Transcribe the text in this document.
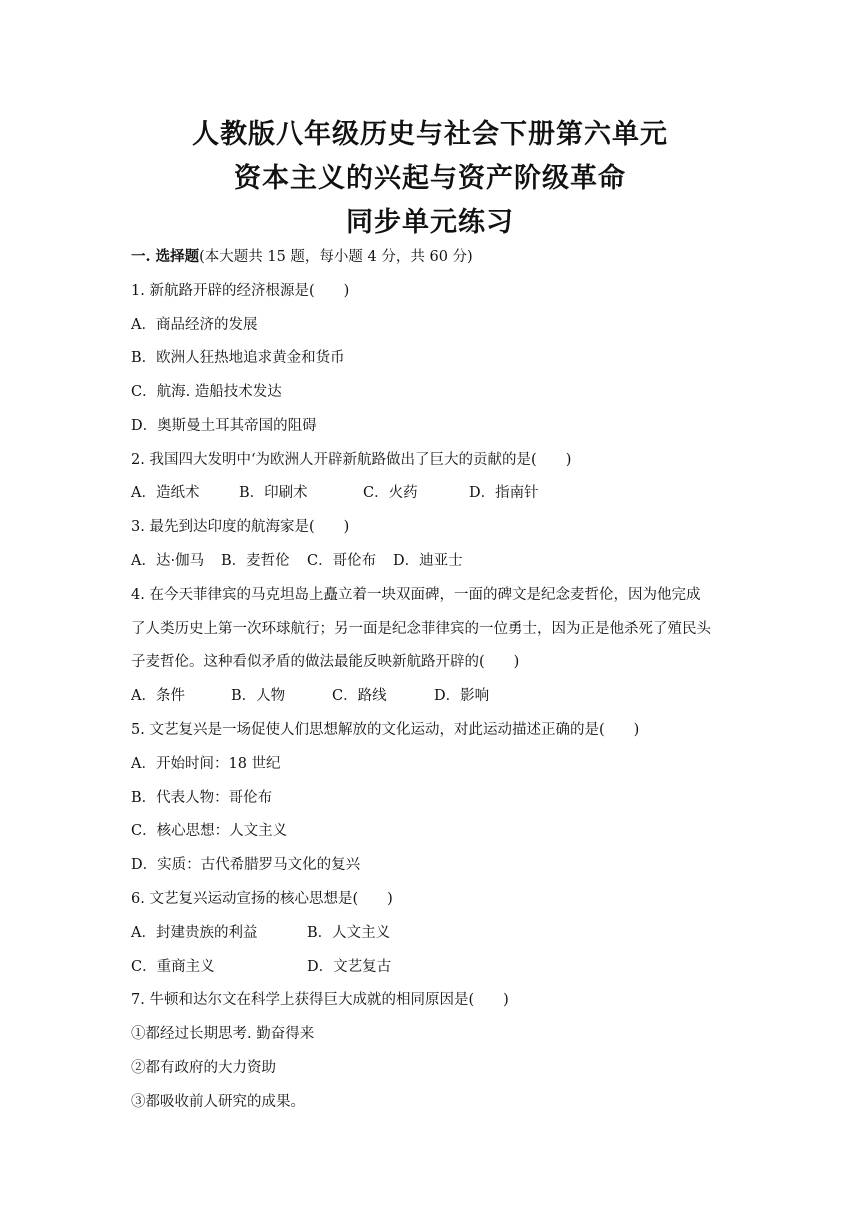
人教版八年级历史与社会下册第六单元
资本主义的兴起与资产阶级革命
同步单元练习

一. 选择题(本大题共 15 题，每小题 4 分，共 60 分)

1. 新航路开辟的经济根源是(　　)

A．商品经济的发展

B．欧洲人狂热地追求黄金和货币

C．航海. 造船技术发达

D．奥斯曼土耳其帝国的阻碍

2. 我国四大发明中‘为欧洲人开辟新航路做出了巨大的贡献的是(　　)

A．造纸术	B．印刷术	C．火药	D．指南针

3. 最先到达印度的航海家是(　　)

A．达·伽马 B．麦哲伦 C．哥伦布 D．迪亚士

4. 在今天菲律宾的马克坦岛上矗立着一块双面碑，一面的碑文是纪念麦哲伦，因为他完成

了人类历史上第一次环球航行；另一面是纪念菲律宾的一位勇士，因为正是他杀死了殖民头

子麦哲伦。这种看似矛盾的做法最能反映新航路开辟的(　　)

A．条件	B．人物	C．路线	D．影响

5. 文艺复兴是一场促使人们思想解放的文化运动，对此运动描述正确的是(　　)

A．开始时间：18 世纪

B．代表人物：哥伦布

C．核心思想：人文主义

D．实质：古代希腊罗马文化的复兴

6. 文艺复兴运动宣扬的核心思想是(　　)

A．封建贵族的利益	B．人文主义
C．重商主义	D．文艺复古

7. 牛顿和达尔文在科学上获得巨大成就的相同原因是(　　)

①都经过长期思考. 勤奋得来

②都有政府的大力资助

③都吸收前人研究的成果。
